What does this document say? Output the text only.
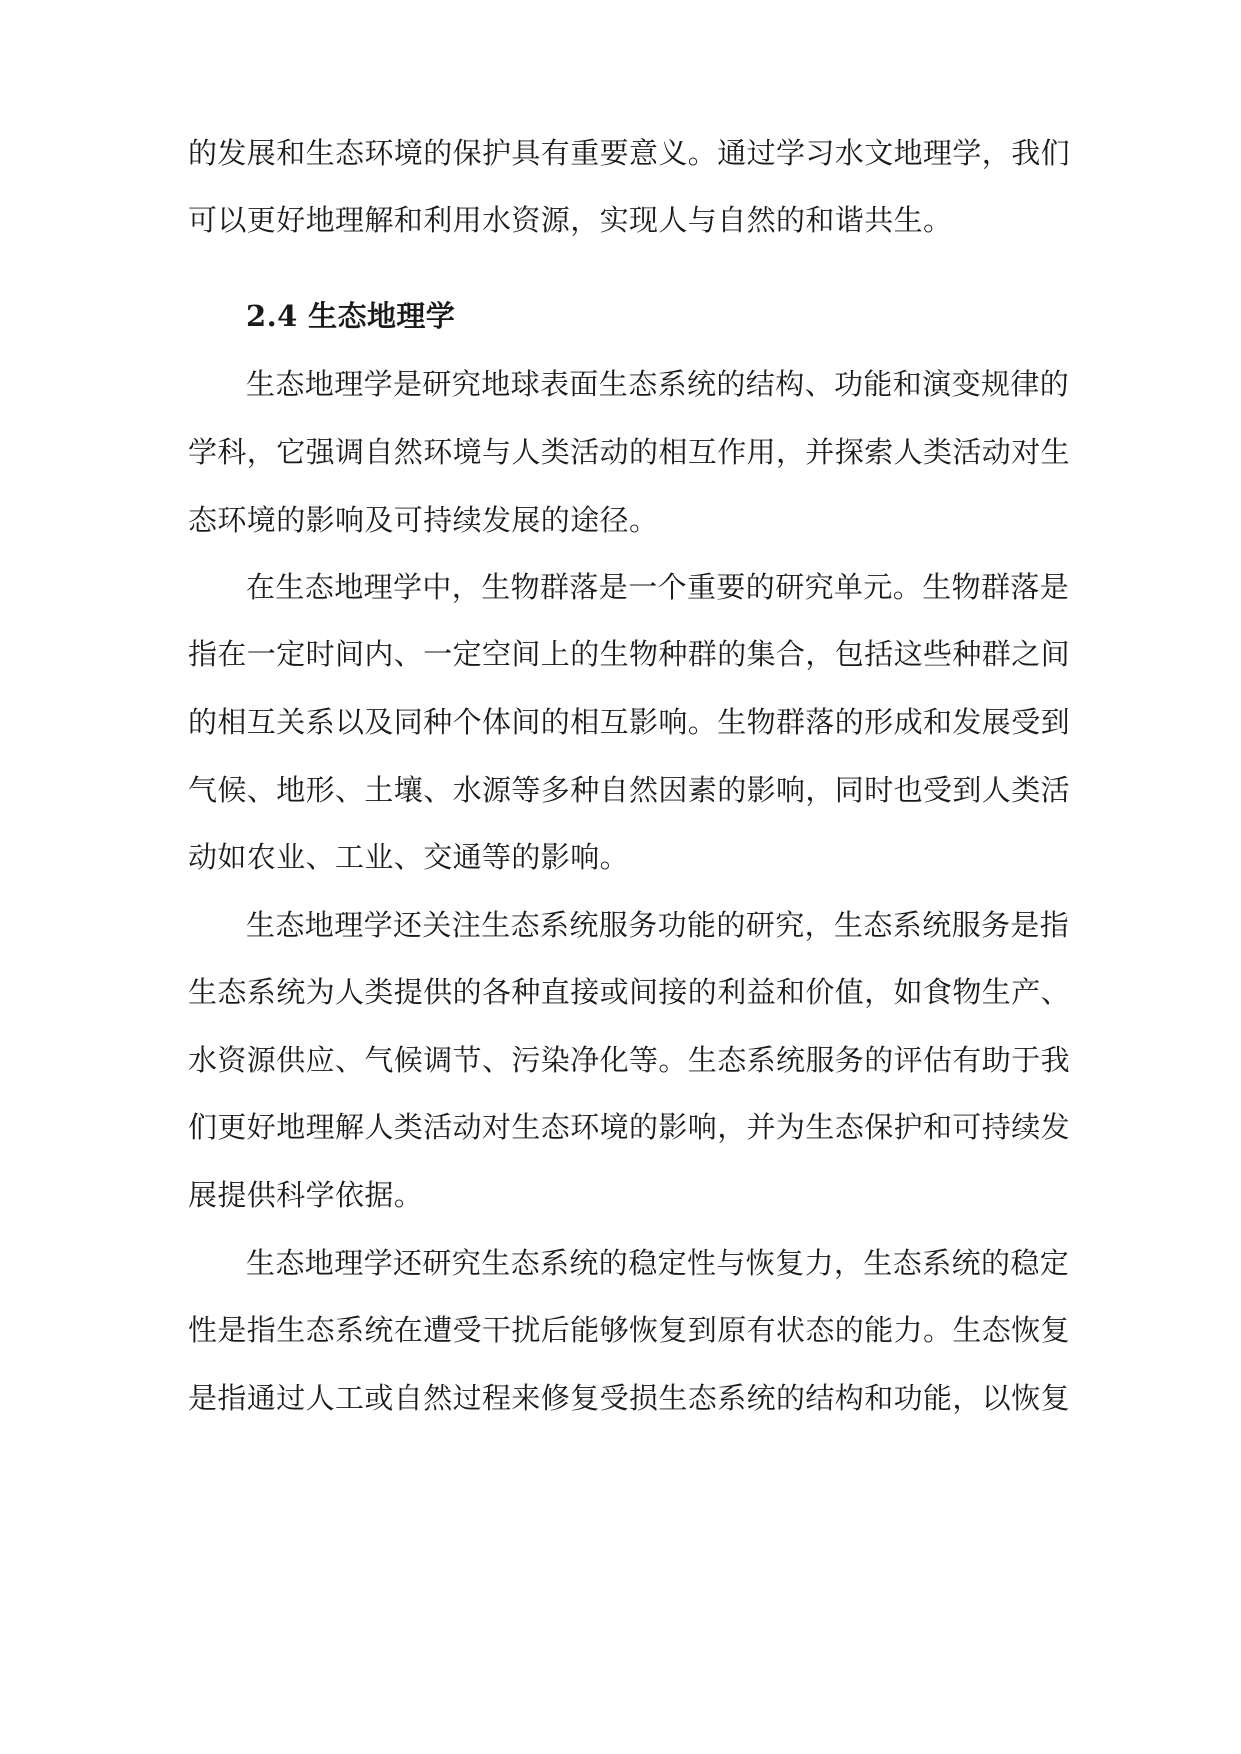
的发展和生态环境的保护具有重要意义。通过学习水文地理学，我们
可以更好地理解和利用水资源，实现人与自然的和谐共生。
2.4 生态地理学
生态地理学是研究地球表面生态系统的结构、功能和演变规律的
学科，它强调自然环境与人类活动的相互作用，并探索人类活动对生
态环境的影响及可持续发展的途径。
在生态地理学中，生物群落是一个重要的研究单元。生物群落是
指在一定时间内、一定空间上的生物种群的集合，包括这些种群之间
的相互关系以及同种个体间的相互影响。生物群落的形成和发展受到
气候、地形、土壤、水源等多种自然因素的影响，同时也受到人类活
动如农业、工业、交通等的影响。
生态地理学还关注生态系统服务功能的研究，生态系统服务是指
生态系统为人类提供的各种直接或间接的利益和价值，如食物生产、
水资源供应、气候调节、污染净化等。生态系统服务的评估有助于我
们更好地理解人类活动对生态环境的影响，并为生态保护和可持续发
展提供科学依据。
生态地理学还研究生态系统的稳定性与恢复力，生态系统的稳定
性是指生态系统在遭受干扰后能够恢复到原有状态的能力。生态恢复
是指通过人工或自然过程来修复受损生态系统的结构和功能，以恢复
